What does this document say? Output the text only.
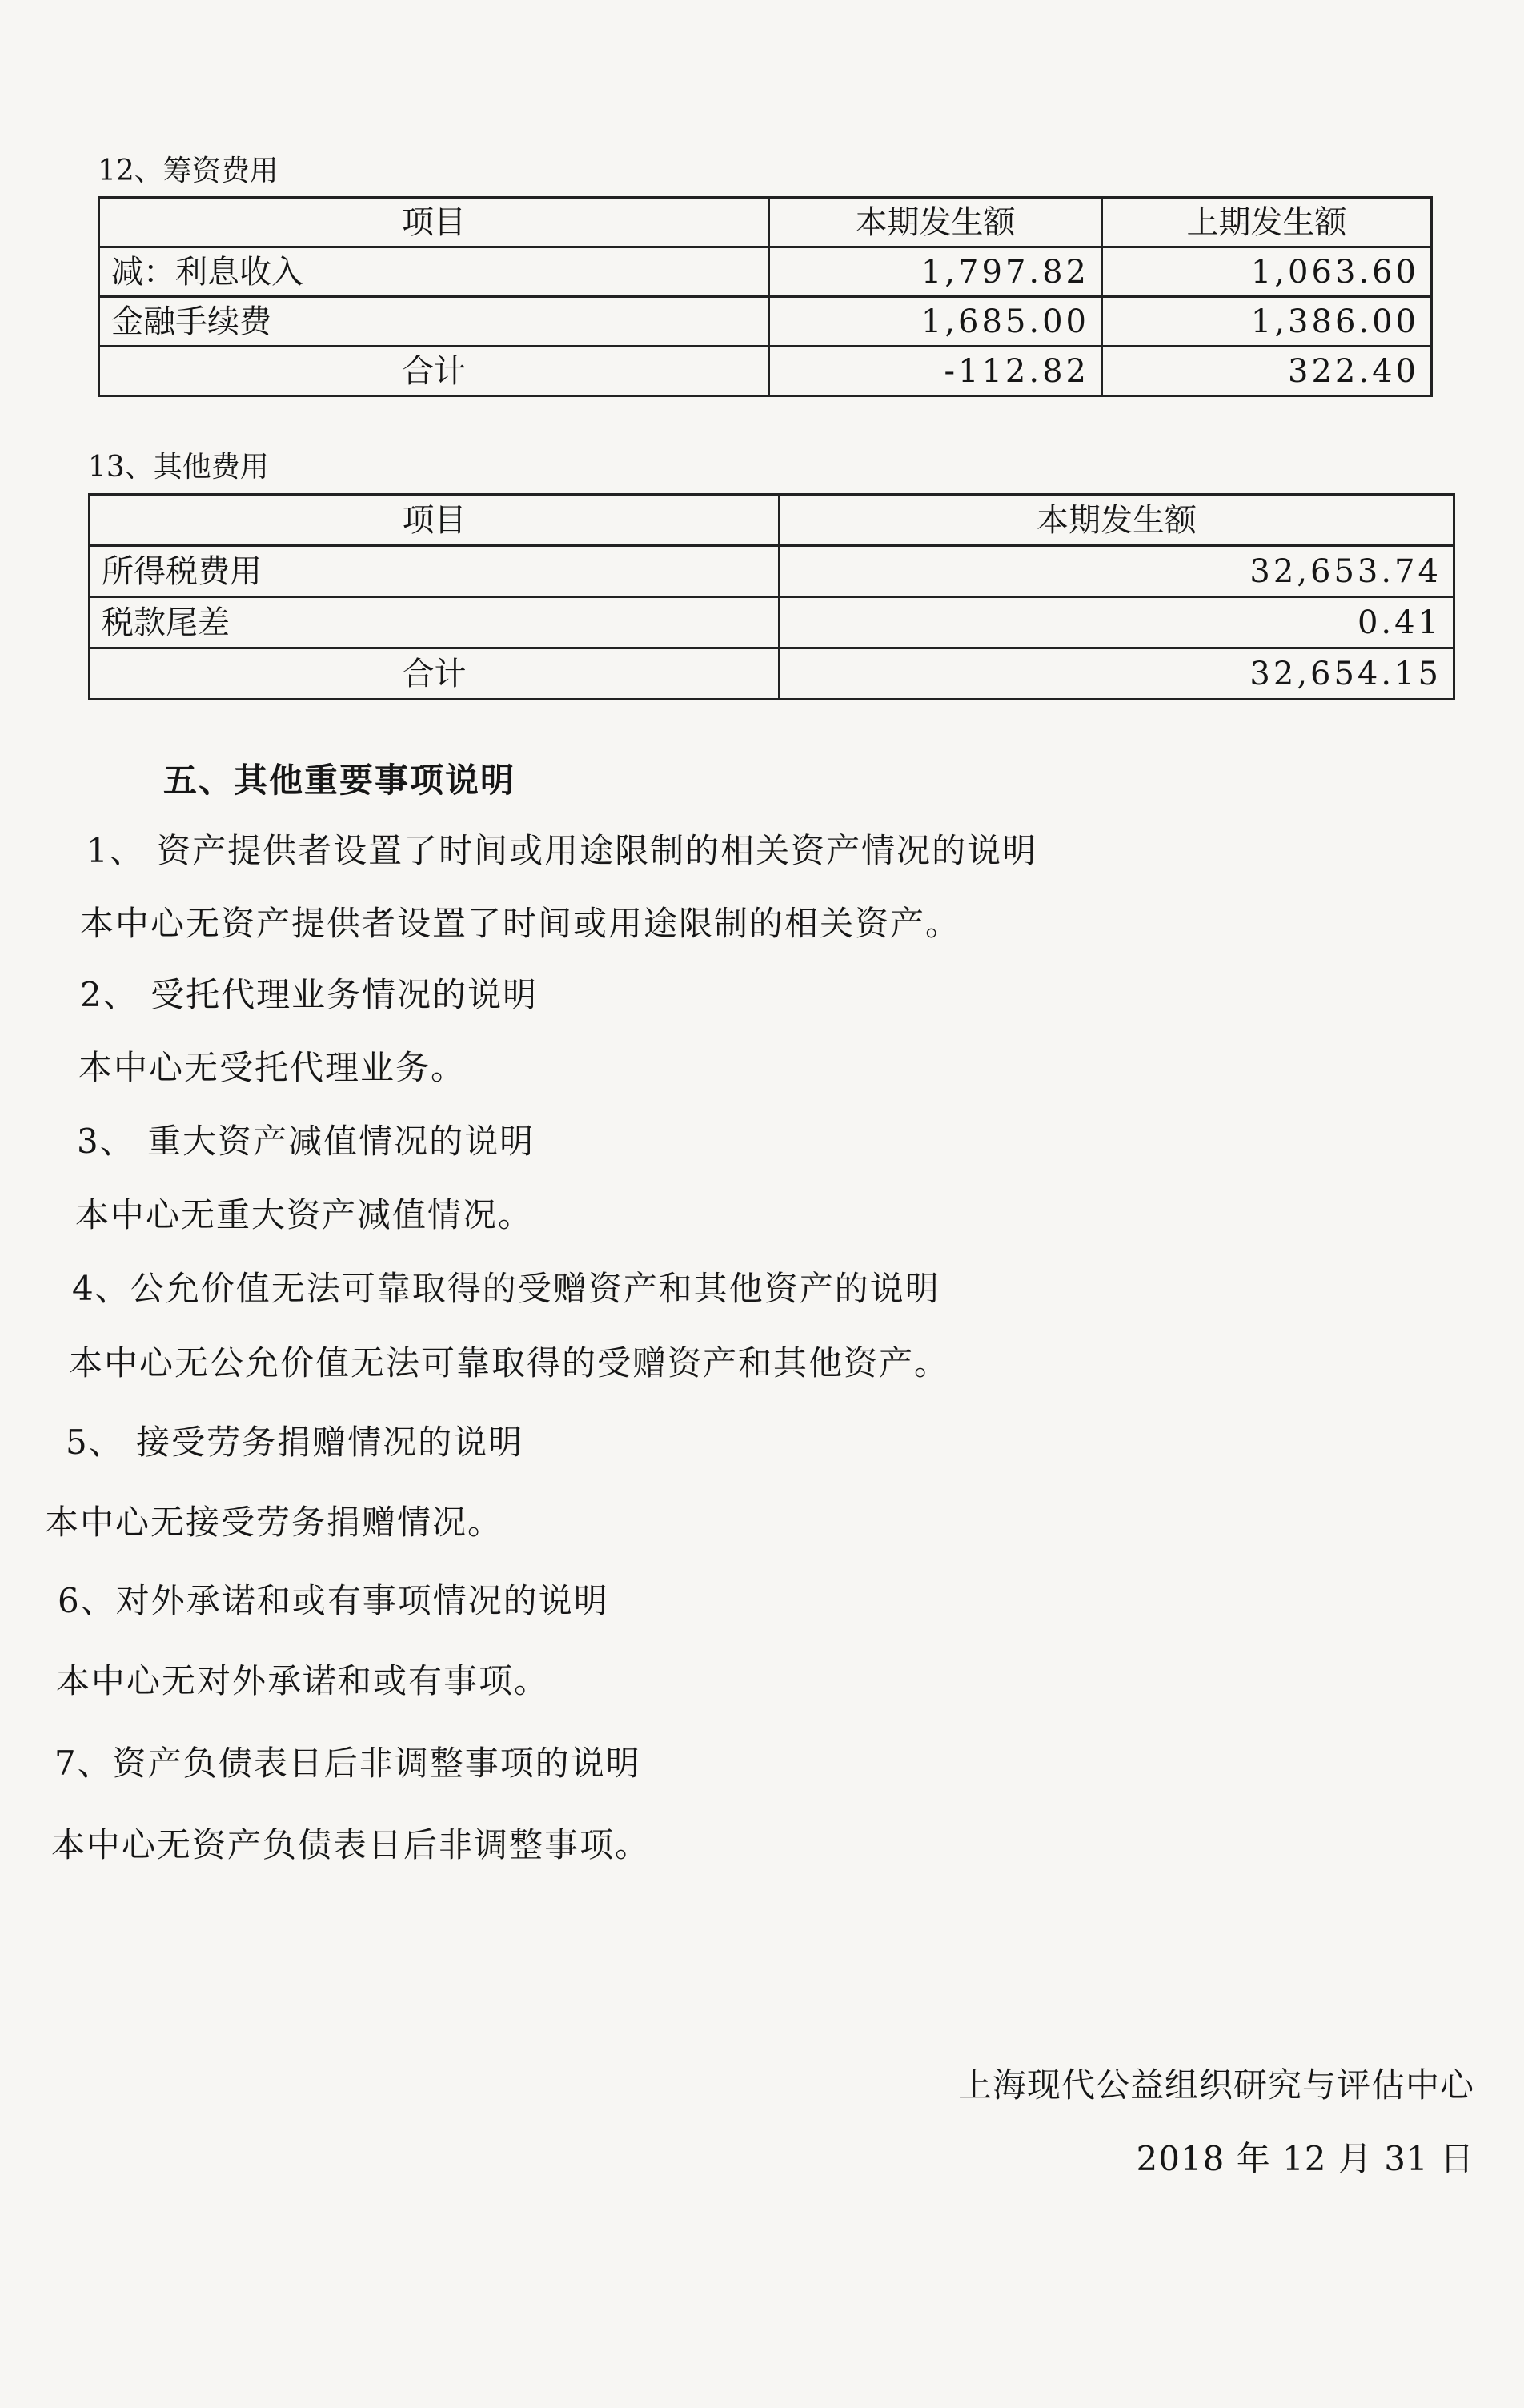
12、筹资费用
项目	本期发生额	上期发生额
减：利息收入	1,797.82	1,063.60
金融手续费	1,685.00	1,386.00
合计	-112.82	322.40
13、其他费用
项目	本期发生额
所得税费用	32,653.74
税款尾差	0.41
合计	32,654.15
五、其他重要事项说明
1、 资产提供者设置了时间或用途限制的相关资产情况的说明
本中心无资产提供者设置了时间或用途限制的相关资产。
2、 受托代理业务情况的说明
本中心无受托代理业务。
3、 重大资产减值情况的说明
本中心无重大资产减值情况。
4、公允价值无法可靠取得的受赠资产和其他资产的说明
本中心无公允价值无法可靠取得的受赠资产和其他资产。
5、 接受劳务捐赠情况的说明
本中心无接受劳务捐赠情况。
6、对外承诺和或有事项情况的说明
本中心无对外承诺和或有事项。
7、资产负债表日后非调整事项的说明
本中心无资产负债表日后非调整事项。
上海现代公益组织研究与评估中心
2018 年 12 月 31 日
